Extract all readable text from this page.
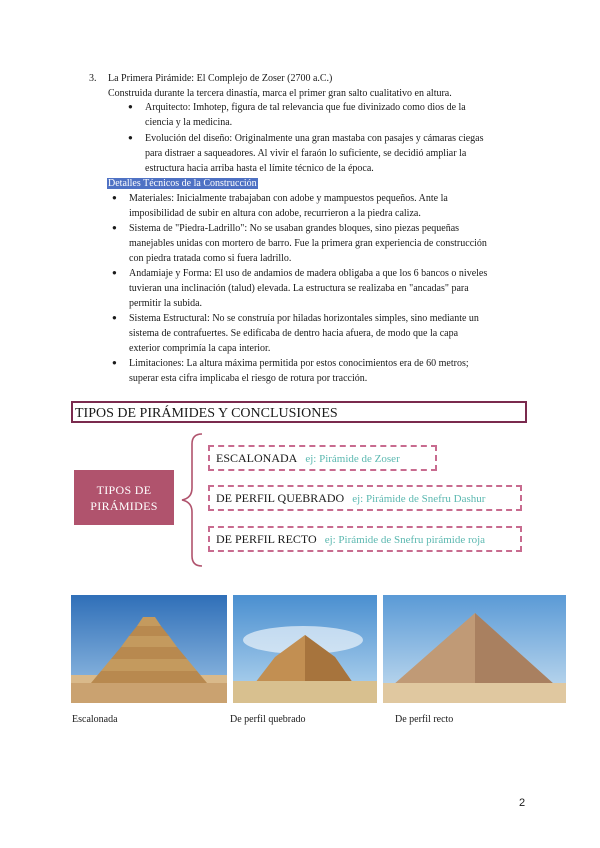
3. La Primera Pirámide: El Complejo de Zoser (2700 a.C.)
Construida durante la tercera dinastía, marca el primer gran salto cualitativo en altura.
● Arquitecto: Imhotep, figura de tal relevancia que fue divinizado como dios de la
ciencia y la medicina.
● Evolución del diseño: Originalmente una gran mastaba con pasajes y cámaras ciegas
para distraer a saqueadores. Al vivir el faraón lo suficiente, se decidió ampliar la
estructura hacia arriba hasta el límite técnico de la época.
Detalles Técnicos de la Construcción
● Materiales: Inicialmente trabajaban con adobe y mampuestos pequeños. Ante la
imposibilidad de subir en altura con adobe, recurrieron a la piedra caliza.
● Sistema de "Piedra-Ladrillo": No se usaban grandes bloques, sino piezas pequeñas
manejables unidas con mortero de barro. Fue la primera gran experiencia de construcción
con piedra tratada como si fuera ladrillo.
● Andamiaje y Forma: El uso de andamios de madera obligaba a que los 6 bancos o niveles
tuvieran una inclinación (talud) elevada. La estructura se realizaba en "ancadas" para
permitir la subida.
● Sistema Estructural: No se construía por hiladas horizontales simples, sino mediante un
sistema de contrafuertes. Se edificaba de dentro hacia afuera, de modo que la capa
exterior comprimía la capa interior.
● Limitaciones: La altura máxima permitida por estos conocimientos era de 60 metros;
superar esta cifra implicaba el riesgo de rotura por tracción.
TIPOS DE PIRÁMIDES Y CONCLUSIONES
TIPOS DE
PIRÁMIDES
ESCALONADA ej: Pirámide de Zoser
DE PERFIL QUEBRADO ej: Pirámide de Snefru Dashur
DE PERFIL RECTO ej: Pirámide de Snefru pirámide roja
Escalonada	De perfil quebrado	De perfil recto
2
